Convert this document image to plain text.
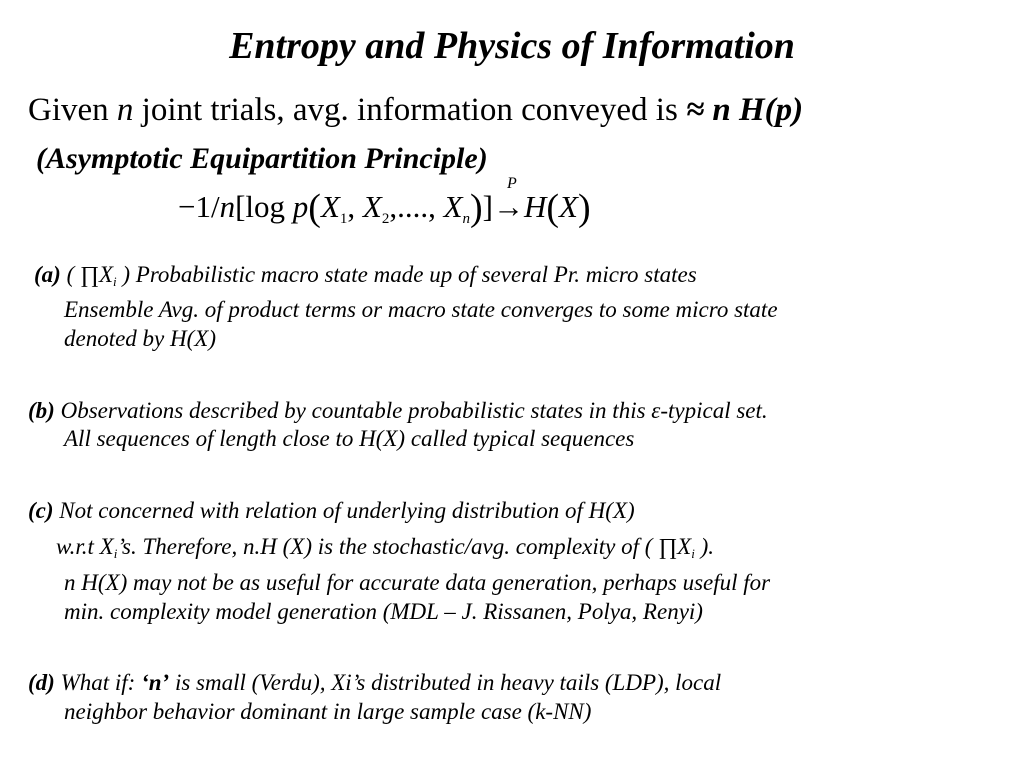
Entropy and Physics of Information
Given n joint trials, avg. information conveyed is ≈ n H(p)
(Asymptotic Equipartition Principle)
−1/n[log $p(X_1$, $X_2$,...., $X_n$)]
P
→H(X)
(a) ( $\prod X_i$ ) Probabilistic macro state made up of several Pr. micro states
Ensemble Avg. of product terms or macro state converges to some micro state
denoted by H(X)
(b) Observations described by countable probabilistic states in this ε-typical set.
All sequences of length close to H(X) called typical sequences
(c) Not concerned with relation of underlying distribution of H(X)
w.r.t $X_i’s$. Therefore, n.H (X) is the stochastic/avg. complexity of ( $\prod X_i$ ).
n H(X) may not be as useful for accurate data generation, perhaps useful for
min. complexity model generation (MDL – J. Rissanen, Polya, Renyi)
(d) What if: ‘n’ is small (Verdu), Xi’s distributed in heavy tails (LDP), local
neighbor behavior dominant in large sample case (k-NN)
